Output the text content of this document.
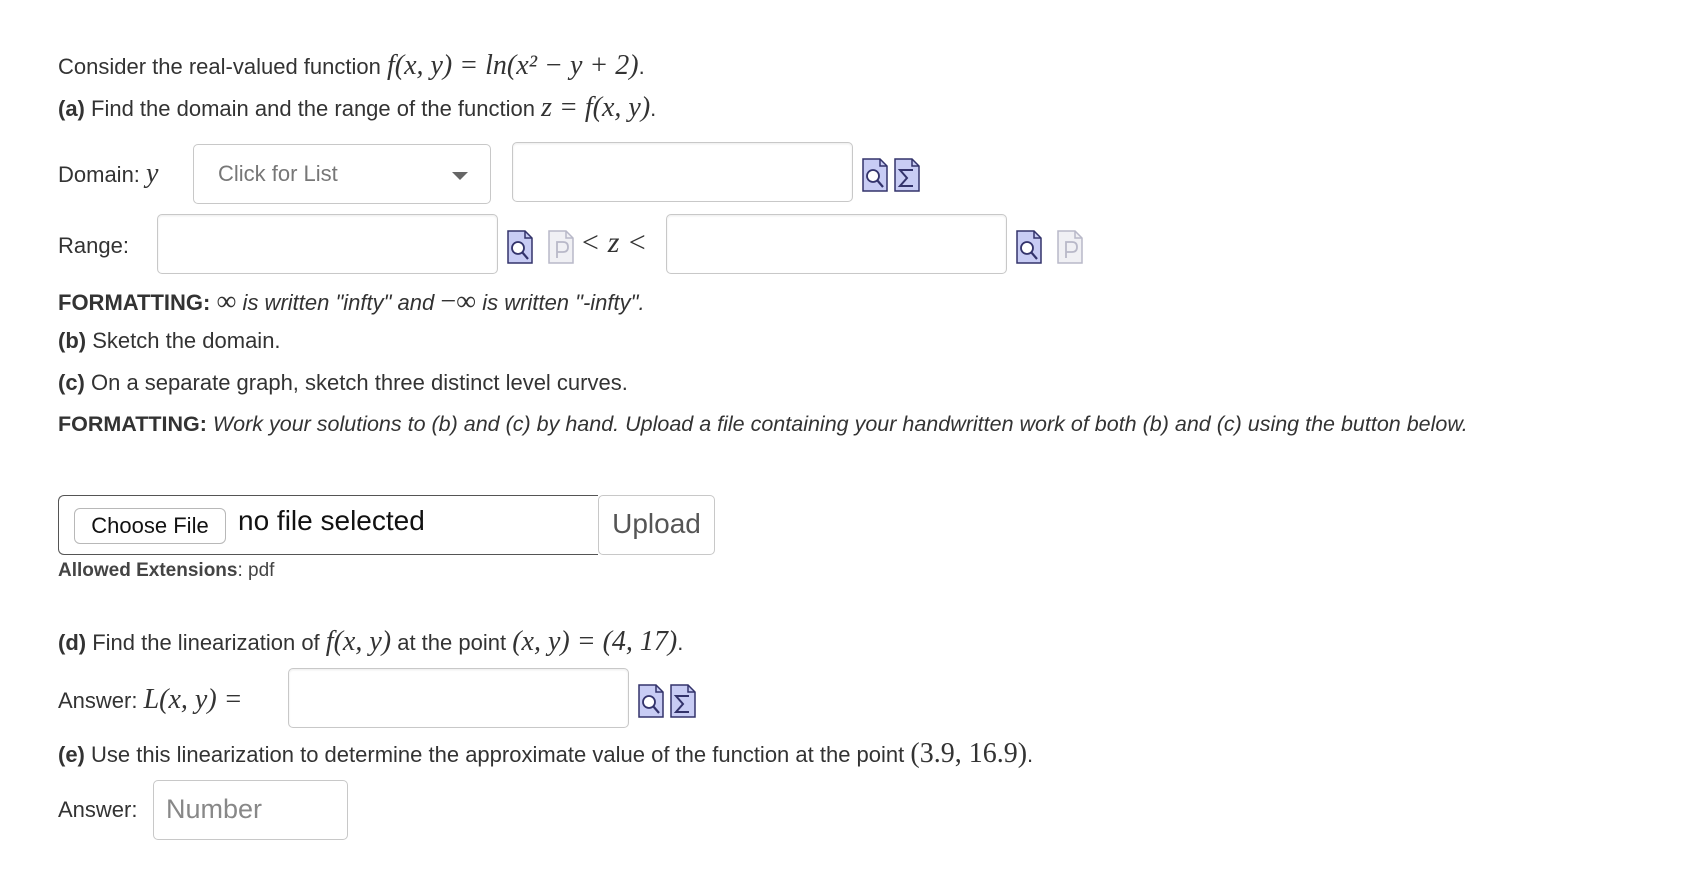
Consider the real-valued function f(x, y) = ln(x² − y + 2).
(a) Find the domain and the range of the function z = f(x, y).
Domain: y	Click for List
Range:	< z <
FORMATTING: ∞ is written "infty" and −∞ is written "-infty".
(b) Sketch the domain.
(c) On a separate graph, sketch three distinct level curves.
FORMATTING: Work your solutions to (b) and (c) by hand. Upload a file containing your handwritten work of both (b) and (c) using the button below.
Choose File	no file selected	Upload
Allowed Extensions: pdf
(d) Find the linearization of f(x, y) at the point (x, y) = (4, 17).
Answer: L(x, y) =
(e) Use this linearization to determine the approximate value of the function at the point (3.9, 16.9).
Answer:	Number
